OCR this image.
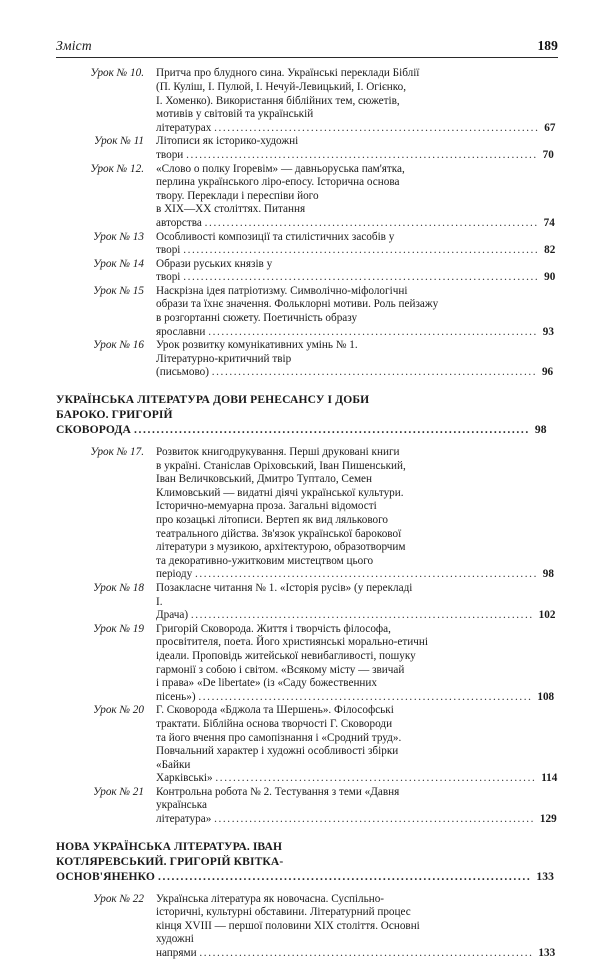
Зміст	189
Урок № 10.	Притча про блудного сина. Українські переклади Біблії
(П. Куліш, І. Пулюй, І. Нечуй-Левицький, І. Огієнко,
І. Хоменко). Використання біблійних тем, сюжетів,
мотивів у світовій та українській літературах .......................................................................... 67
Урок № 11	Літописи як історико-художні твори ................................................................................ 70
Урок № 12.	«Слово о полку Ігоревім» — давньоруська пам'ятка,
перлина українського ліро-епосу. Історична основа
твору. Переклади і переспіви його
в ХІХ—ХХ століттях. Питання авторства ............................................................................ 74
Урок № 13	Особливості композиції та стилістичних засобів у творі ................................................................................. 82
Урок № 14	Образи руських князів у творі ................................................................................. 90
Урок № 15	Наскрізна ідея патріотизму. Символічно-міфологічні
образи та їхнє значення. Фольклорні мотиви. Роль пейзажу
в розгортанні сюжету. Поетичність образу ярославни ........................................................................... 93
Урок № 16	Урок розвитку комунікативних умінь № 1.
Літературно-критичний твір (письмово) .......................................................................... 96
УКРАЇНСЬКА ЛІТЕРАТУРА ДОВИ РЕНЕСАНСУ І ДОБИ
БАРОКО. ГРИГОРІЙ СКОВОРОДА ........................................................................................ 98
Урок № 17.	Розвиток книгодрукування. Перші друковані книги
в україні. Станіслав Оріховський, Іван Пишенський,
Іван Величковський, Дмитро Туптало, Семен
Климовський — видатні діячі української культури.
Історично-мемуарна проза. Загальні відомості
про козацькі літописи. Вертеп як вид лялькового
театрального дійства. Зв'язок української барокової
літератури з музикою, архітектурою, образотворчим
та декоративно-ужитковим мистецтвом цього періоду .............................................................................. 98
Урок № 18	Позакласне читання № 1. «Історія русів» (у перекладі
І. Драча) .............................................................................. 102
Урок № 19	Григорій Сковорода. Життя і творчість філософа,
просвітителя, поета. Його християнські морально-етичні
ідеали. Проповідь житейської невибагливості, пошуку
гармонії з собою і світом. «Всякому місту — звичай
і права» «De libertate» (із «Саду божественних пісень») ............................................................................ 108
Урок № 20	Г. Сковорода «Бджола та Шершень». Філософські
трактати. Біблійна основа творчості Г. Сковороди
та його вчення про самопізнання і «Сродний труд».
Повчальний характер і художні особливості збірки
«Байки Харківські» ......................................................................... 114
Урок № 21	Контрольна робота № 2. Тестування з теми «Давня
українська література» ......................................................................... 129
НОВА УКРАЇНСЬКА ЛІТЕРАТУРА. ІВАН
КОТЛЯРЕВСЬКИЙ. ГРИГОРІЙ КВІТКА-ОСНОВ'ЯНЕНКО ................................................................................... 133
Урок № 22	Українська література як новочасна. Суспільно-
історичні, культурні обставини. Літературний процес
кінця XVIII — першої половини XIX століття. Основні
художні напрями ............................................................................ 133
